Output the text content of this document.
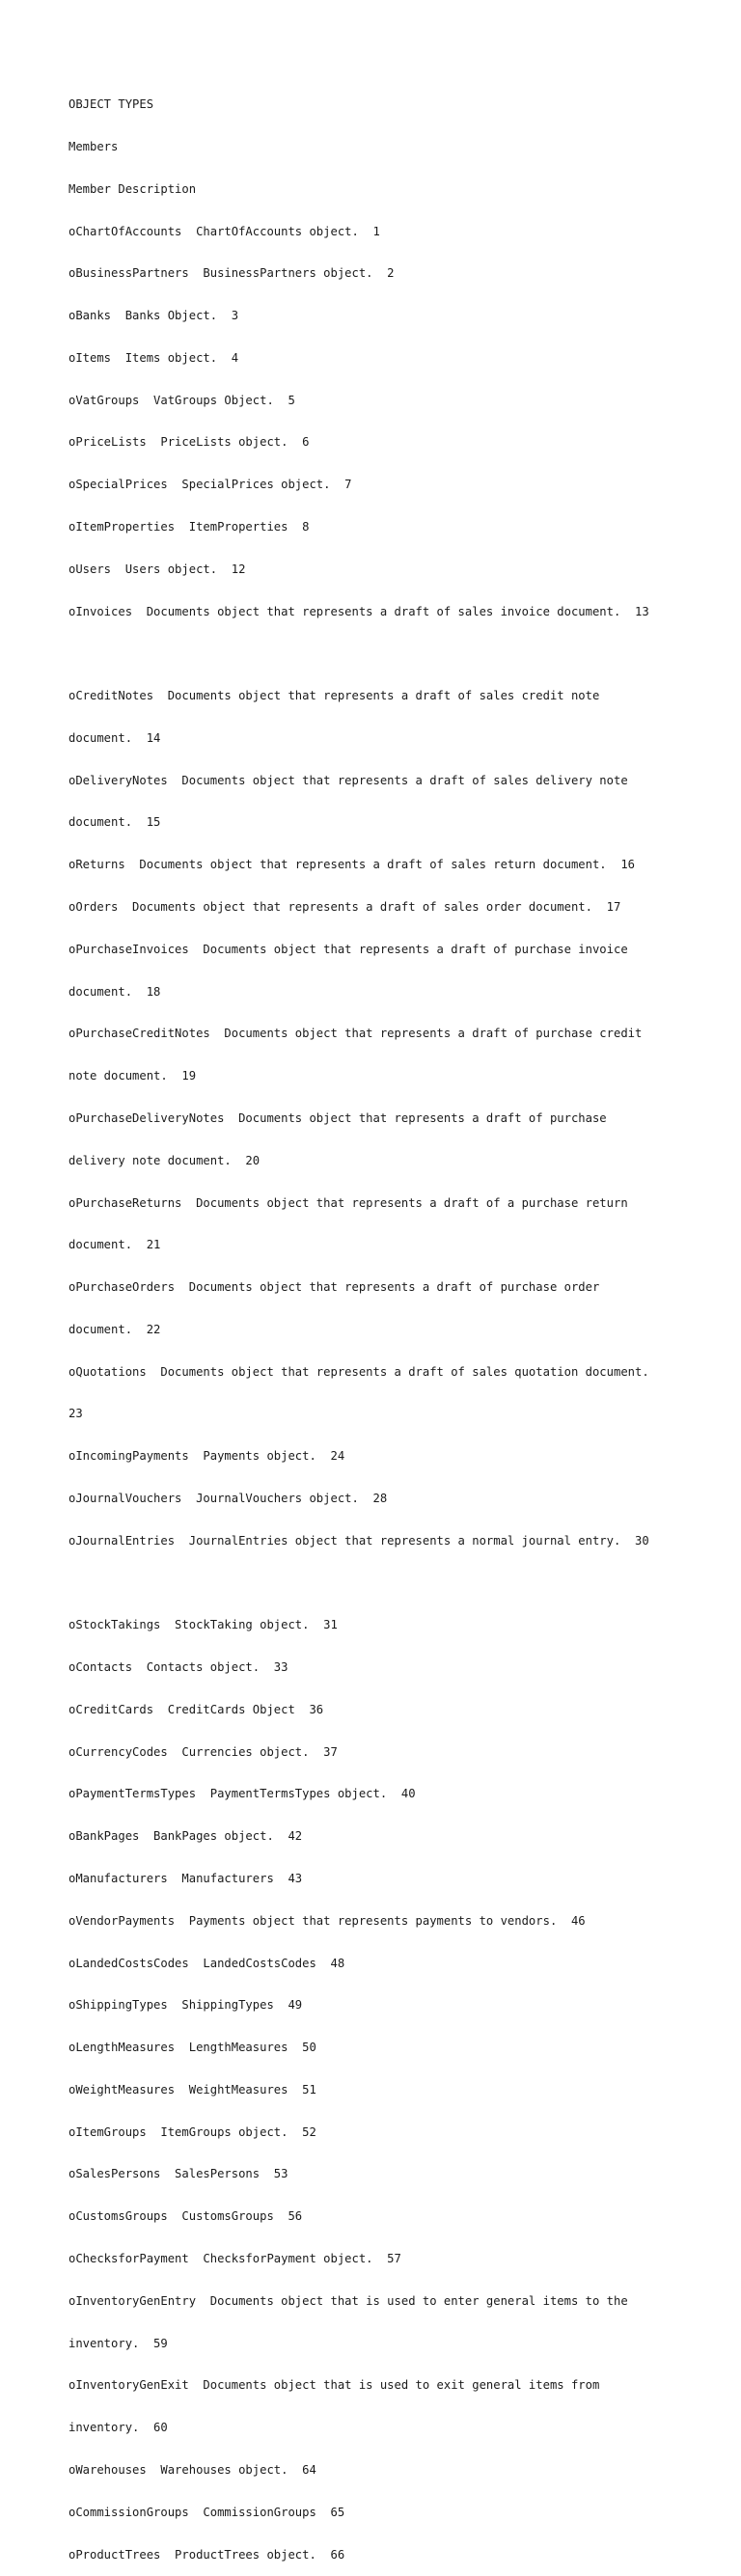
OBJECT TYPES

Members

Member Description

oChartOfAccounts  ChartOfAccounts object.  1

oBusinessPartners  BusinessPartners object.  2

oBanks  Banks Object.  3

oItems  Items object.  4

oVatGroups  VatGroups Object.  5

oPriceLists  PriceLists object.  6

oSpecialPrices  SpecialPrices object.  7

oItemProperties  ItemProperties  8

oUsers  Users object.  12

oInvoices  Documents object that represents a draft of sales invoice document.  13

oCreditNotes  Documents object that represents a draft of sales credit note

document.  14

oDeliveryNotes  Documents object that represents a draft of sales delivery note

document.  15

oReturns  Documents object that represents a draft of sales return document.  16

oOrders  Documents object that represents a draft of sales order document.  17

oPurchaseInvoices  Documents object that represents a draft of purchase invoice

document.  18

oPurchaseCreditNotes  Documents object that represents a draft of purchase credit

note document.  19

oPurchaseDeliveryNotes  Documents object that represents a draft of purchase

delivery note document.  20

oPurchaseReturns  Documents object that represents a draft of a purchase return

document.  21

oPurchaseOrders  Documents object that represents a draft of purchase order

document.  22

oQuotations  Documents object that represents a draft of sales quotation document.

23

oIncomingPayments  Payments object.  24

oJournalVouchers  JournalVouchers object.  28

oJournalEntries  JournalEntries object that represents a normal journal entry.  30

oStockTakings  StockTaking object.  31

oContacts  Contacts object.  33

oCreditCards  CreditCards Object  36

oCurrencyCodes  Currencies object.  37

oPaymentTermsTypes  PaymentTermsTypes object.  40

oBankPages  BankPages object.  42

oManufacturers  Manufacturers  43

oVendorPayments  Payments object that represents payments to vendors.  46

oLandedCostsCodes  LandedCostsCodes  48

oShippingTypes  ShippingTypes  49

oLengthMeasures  LengthMeasures  50

oWeightMeasures  WeightMeasures  51

oItemGroups  ItemGroups object.  52

oSalesPersons  SalesPersons  53

oCustomsGroups  CustomsGroups  56

oChecksforPayment  ChecksforPayment object.  57

oInventoryGenEntry  Documents object that is used to enter general items to the

inventory.  59

oInventoryGenExit  Documents object that is used to exit general items from

inventory.  60

oWarehouses  Warehouses object.  64

oCommissionGroups  CommissionGroups  65

oProductTrees  ProductTrees object.  66
